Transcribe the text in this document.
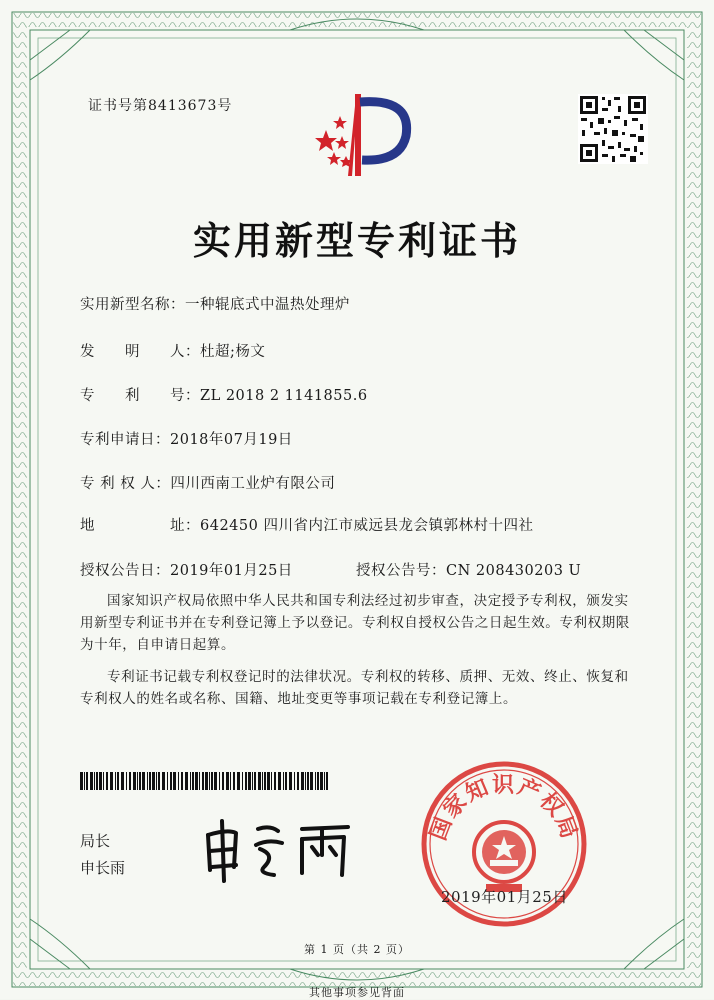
证书号第8413673号
实用新型专利证书
实用新型名称：一种辊底式中温热处理炉
发　　明　　人：杜超;杨文
专　　利　　号：ZL 2018 2 1141855.6
专利申请日：2018年07月19日
专 利 权 人：四川西南工业炉有限公司
地　　　　　址：642450 四川省内江市威远县龙会镇郭林村十四社
授权公告日：2019年01月25日	授权公告号：CN 208430203 U

国家知识产权局依照中华人民共和国专利法经过初步审查，决定授予专利权，颁发实用新型专利证书并在专利登记簿上予以登记。专利权自授权公告之日起生效。专利权期限为十年，自申请日起算。

专利证书记载专利权登记时的法律状况。专利权的转移、质押、无效、终止、恢复和专利权人的姓名或名称、国籍、地址变更等事项记载在专利登记簿上。

局长
申长雨
国家知识产权局
2019年01月25日
第 1 页（共 2 页）
其他事项参见背面
